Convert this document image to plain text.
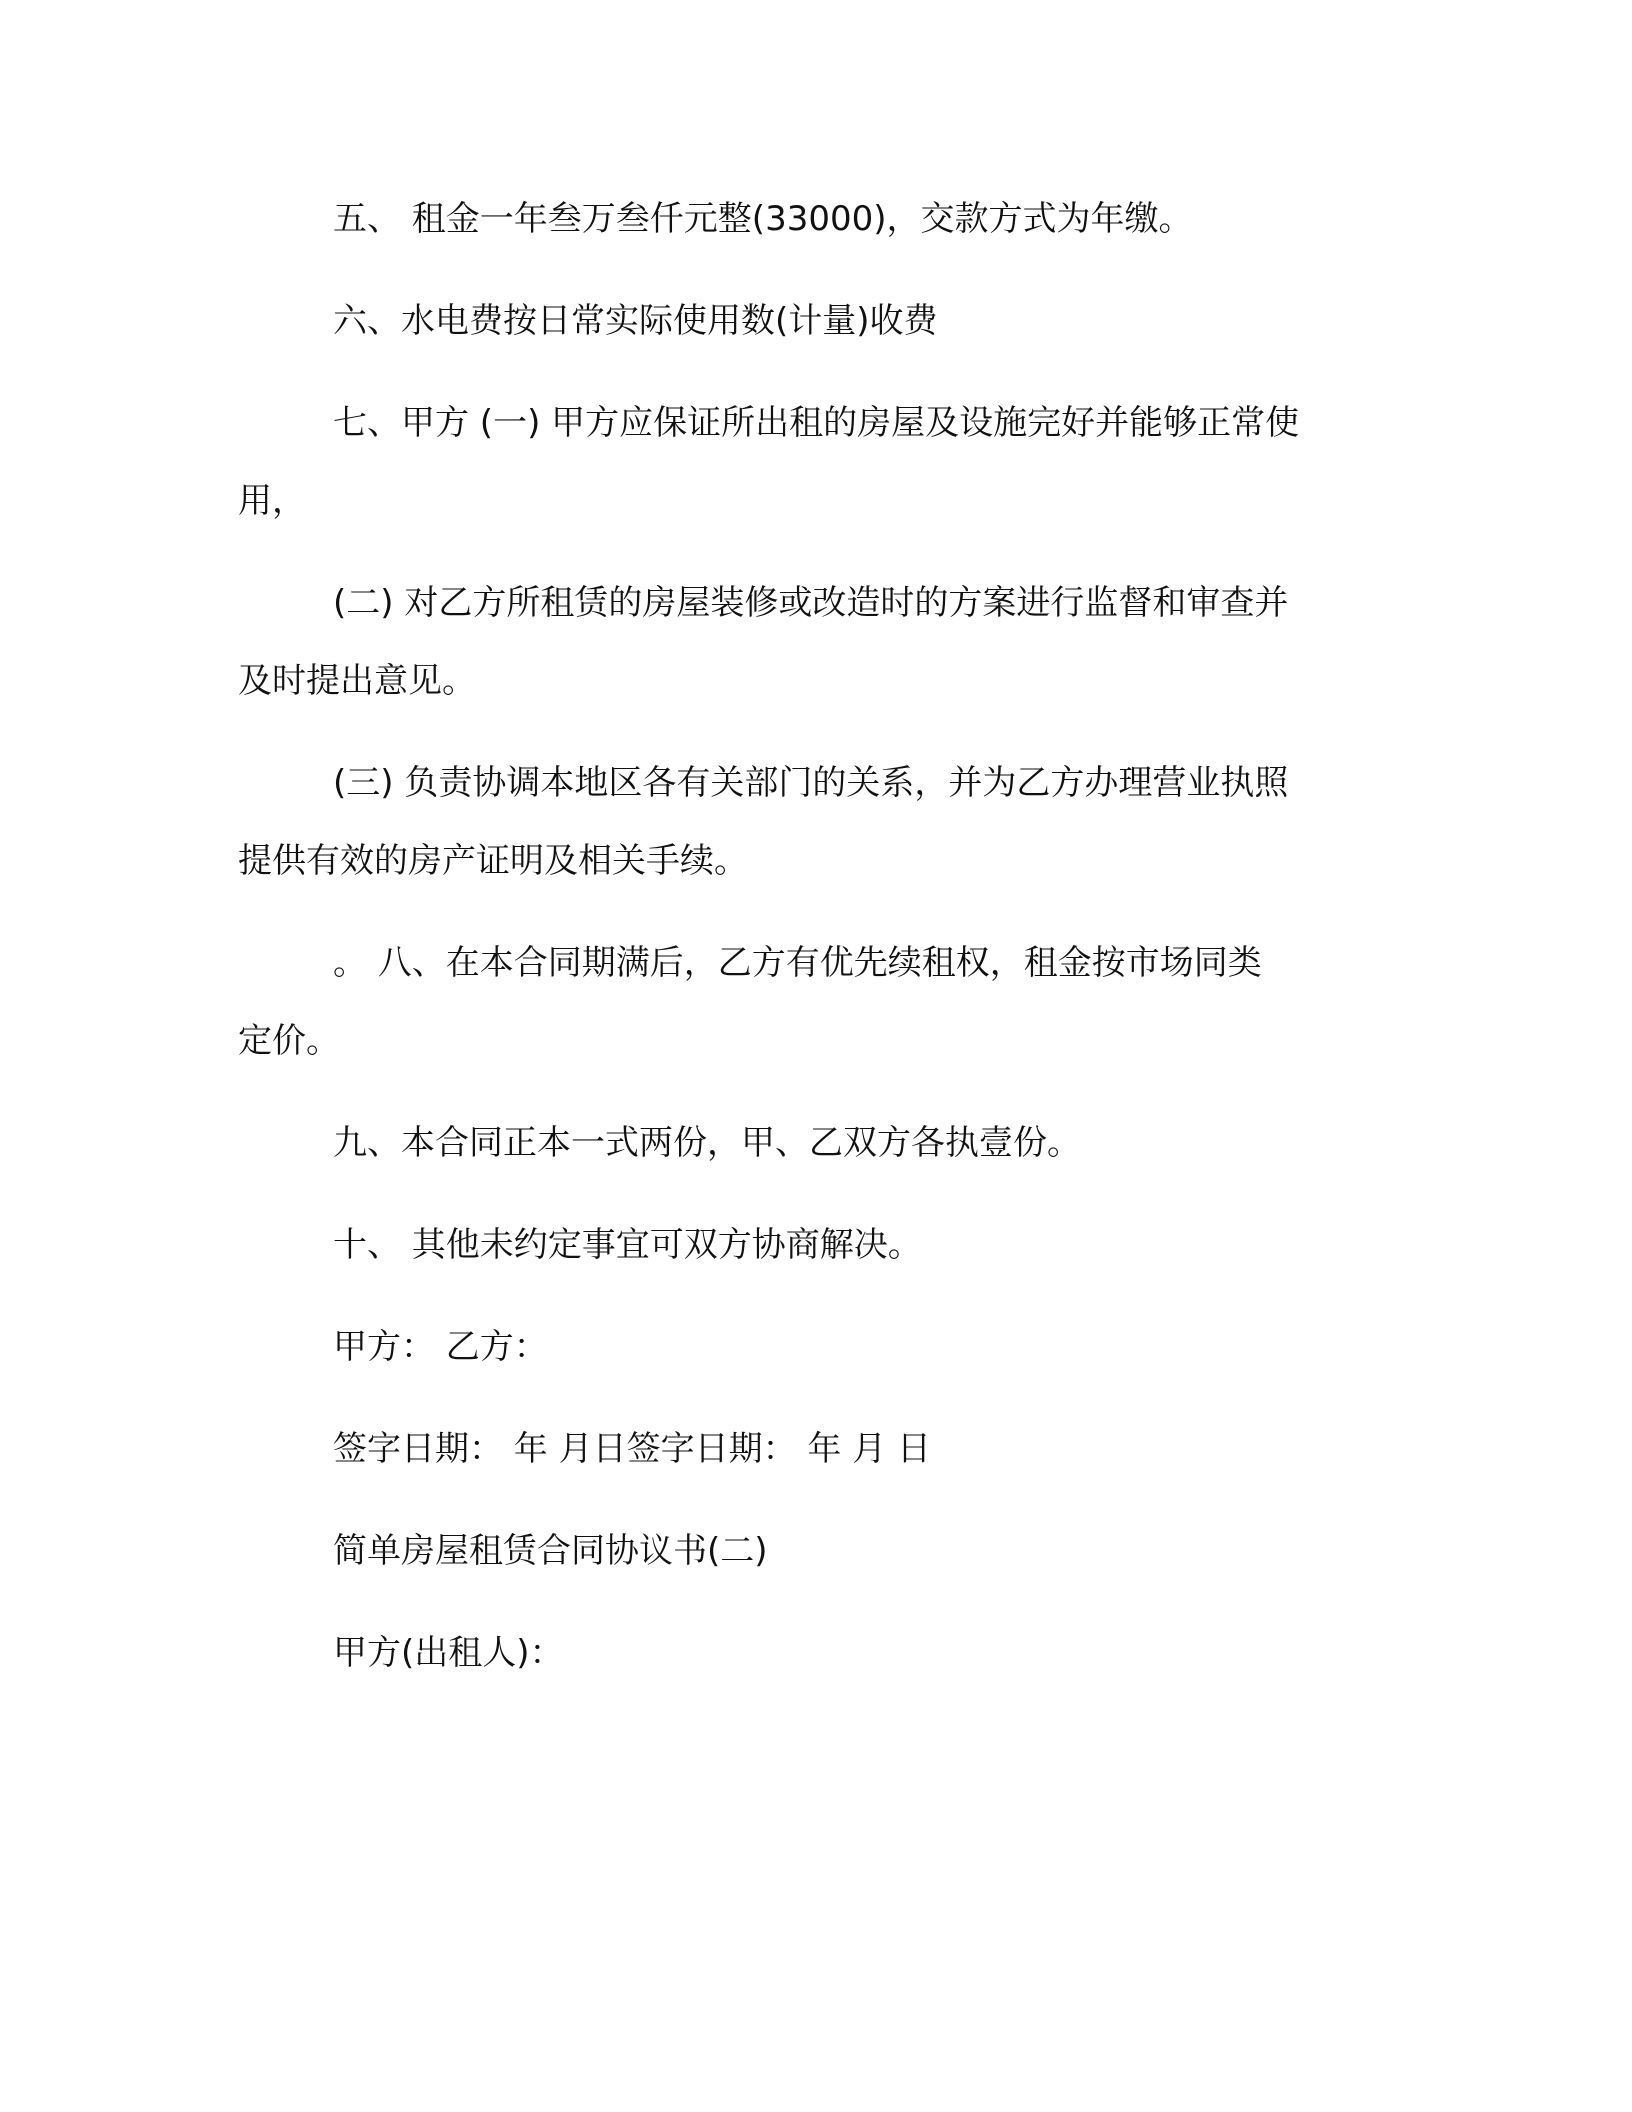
五、 租金一年叁万叁仟元整(33000)，交款方式为年缴。
六、水电费按日常实际使用数(计量)收费
七、甲方 (一) 甲方应保证所出租的房屋及设施完好并能够正常使
用，
(二) 对乙方所租赁的房屋装修或改造时的方案进行监督和审查并
及时提出意见。
(三) 负责协调本地区各有关部门的关系，并为乙方办理营业执照
提供有效的房产证明及相关手续。
。 八、在本合同期满后，乙方有优先续租权，租金按市场同类
定价。
九、本合同正本一式两份，甲、乙双方各执壹份。
十、 其他未约定事宜可双方协商解决。
甲方： 乙方：
签字日期： 年 月日签字日期： 年 月 日
简单房屋租赁合同协议书(二)
甲方(出租人)：
